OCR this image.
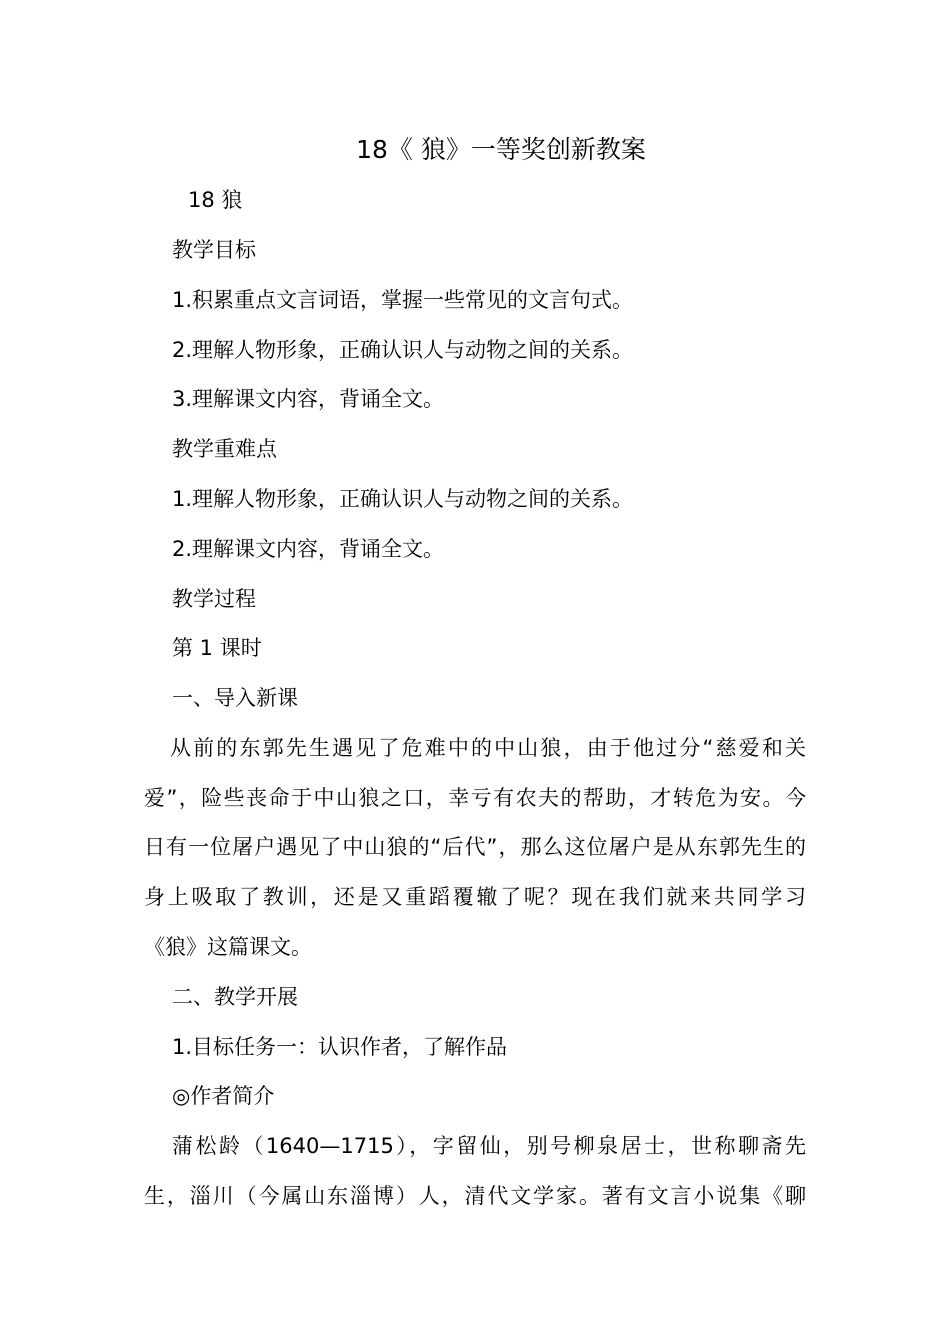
18《 狼》一等奖创新教案
18 狼
教学目标
1.积累重点文言词语，掌握一些常见的文言句式。
2.理解人物形象，正确认识人与动物之间的关系。
3.理解课文内容，背诵全文。
教学重难点
1.理解人物形象，正确认识人与动物之间的关系。
2.理解课文内容，背诵全文。
教学过程
第 1 课时
一、导入新课
从前的东郭先生遇见了危难中的中山狼，由于他过分“慈爱和关
爱”，险些丧命于中山狼之口，幸亏有农夫的帮助，才转危为安。今
日有一位屠户遇见了中山狼的“后代”，那么这位屠户是从东郭先生的
身上吸取了教训，还是又重蹈覆辙了呢？现在我们就来共同学习
《狼》这篇课文。
二、教学开展
1.目标任务一：认识作者，了解作品
◎作者简介
蒲松龄（1640—1715），字留仙，别号柳泉居士，世称聊斋先
生，淄川（今属山东淄博）人，清代文学家。著有文言小说集《聊
